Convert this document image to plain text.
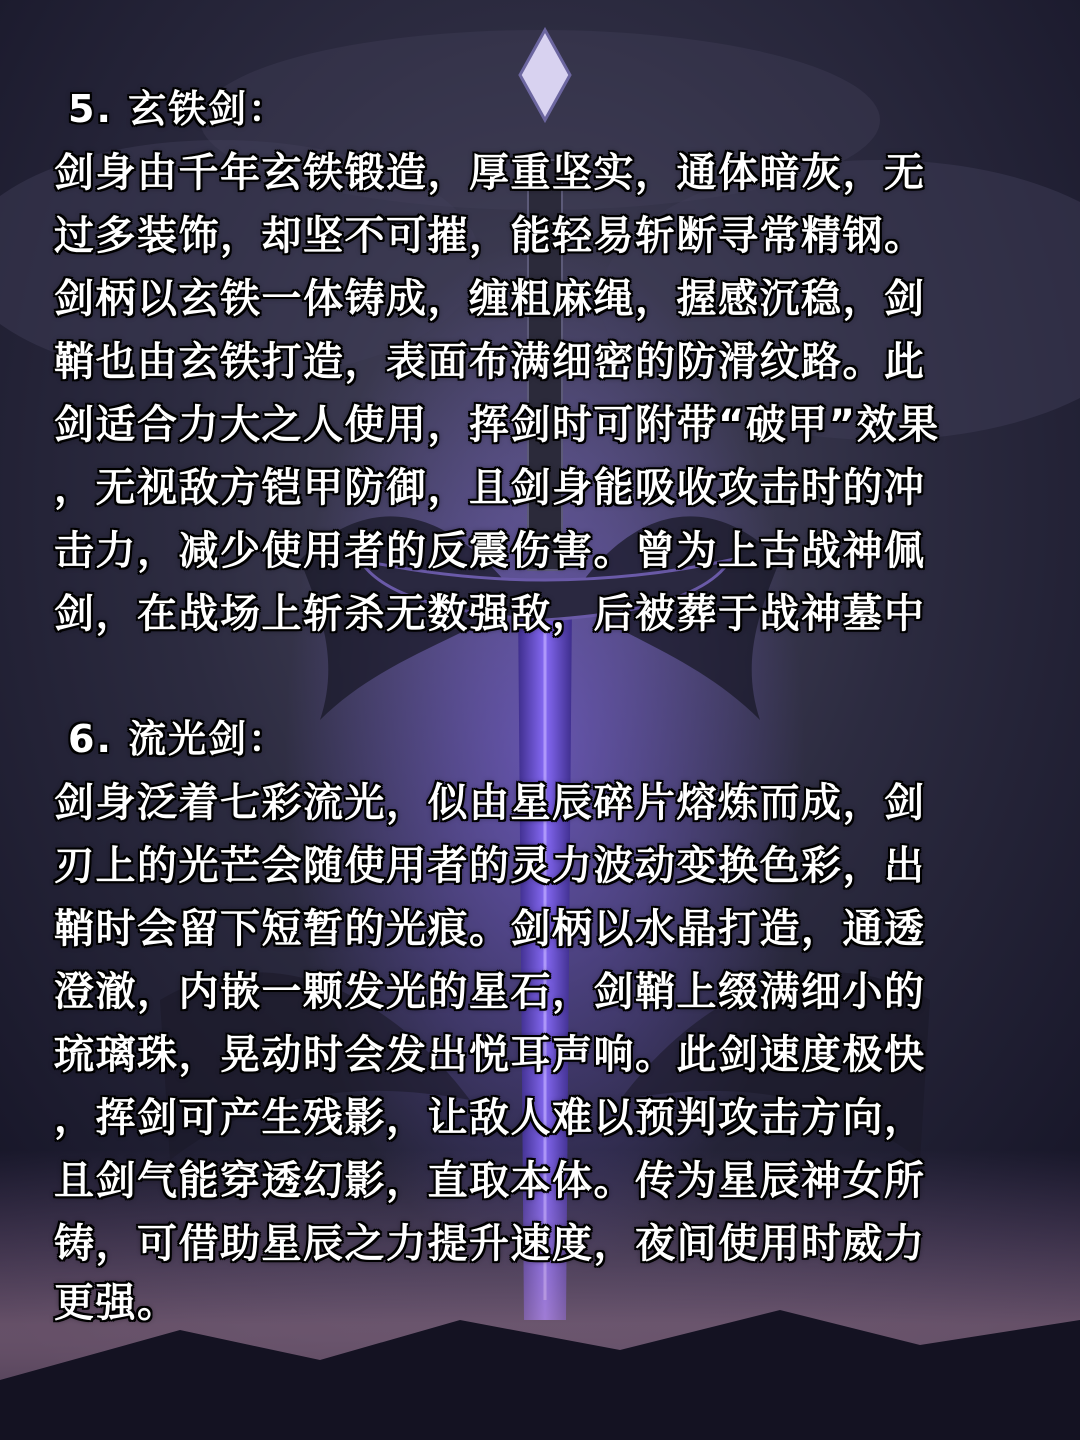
5. 玄铁剑：
剑身由千年玄铁锻造，厚重坚实，通体暗灰，无
过多装饰，却坚不可摧，能轻易斩断寻常精钢。
剑柄以玄铁一体铸成，缠粗麻绳，握感沉稳，剑
鞘也由玄铁打造，表面布满细密的防滑纹路。此
剑适合力大之人使用，挥剑时可附带“破甲”效果
，无视敌方铠甲防御，且剑身能吸收攻击时的冲
击力，减少使用者的反震伤害。曾为上古战神佩
剑，在战场上斩杀无数强敌，后被葬于战神墓中
6. 流光剑：
剑身泛着七彩流光，似由星辰碎片熔炼而成，剑
刃上的光芒会随使用者的灵力波动变换色彩，出
鞘时会留下短暂的光痕。剑柄以水晶打造，通透
澄澈，内嵌一颗发光的星石，剑鞘上缀满细小的
琉璃珠，晃动时会发出悦耳声响。此剑速度极快
，挥剑可产生残影，让敌人难以预判攻击方向，
且剑气能穿透幻影，直取本体。传为星辰神女所
铸，可借助星辰之力提升速度，夜间使用时威力
更强。
